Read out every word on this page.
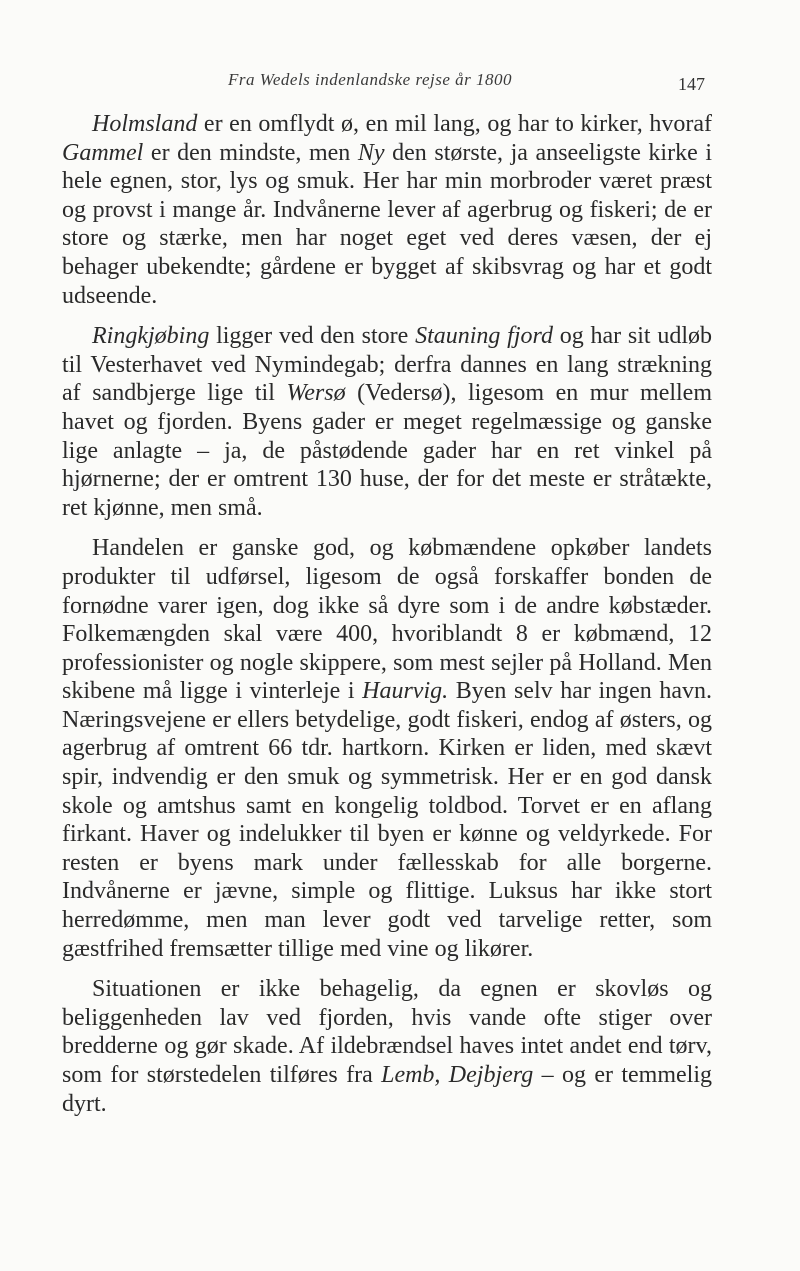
Fra Wedels indenlandske rejse år 1800	147

Holmsland er en omflydt ø, en mil lang, og har to kirker, hvoraf Gammel er den mindste, men Ny den største, ja anseeligste kirke i hele egnen, stor, lys og smuk. Her har min morbroder været præst og provst i mange år. Indvånerne lever af agerbrug og fiskeri; de er store og stærke, men har noget eget ved deres væsen, der ej behager ubekendte; gårdene er bygget af skibsvrag og har et godt udseende.

Ringkjøbing ligger ved den store Stauning fjord og har sit udløb til Vesterhavet ved Nymindegab; derfra dannes en lang strækning af sandbjerge lige til Wersø (Vedersø), ligesom en mur mellem havet og fjorden. Byens gader er meget regelmæssige og ganske lige anlagte – ja, de påstødende gader har en ret vinkel på hjørnerne; der er omtrent 130 huse, der for det meste er stråtækte, ret kjønne, men små.

Handelen er ganske god, og købmændene opkøber landets produkter til udførsel, ligesom de også forskaffer bonden de fornødne varer igen, dog ikke så dyre som i de andre købstæder. Folkemængden skal være 400, hvoriblandt 8 er købmænd, 12 professionister og nogle skippere, som mest sejler på Holland. Men skibene må ligge i vinterleje i Haurvig. Byen selv har ingen havn. Næringsvejene er ellers betydelige, godt fiskeri, endog af østers, og agerbrug af omtrent 66 tdr. hartkorn. Kirken er liden, med skævt spir, indvendig er den smuk og symmetrisk. Her er en god dansk skole og amtshus samt en kongelig toldbod. Torvet er en aflang firkant. Haver og indelukker til byen er kønne og veldyrkede. For resten er byens mark under fællesskab for alle borgerne. Indvånerne er jævne, simple og flittige. Luksus har ikke stort herredømme, men man lever godt ved tarvelige retter, som gæstfrihed fremsætter tillige med vine og likører.

Situationen er ikke behagelig, da egnen er skovløs og beliggenheden lav ved fjorden, hvis vande ofte stiger over bredderne og gør skade. Af ildebrændsel haves intet andet end tørv, som for størstedelen tilføres fra Lemb, Dejbjerg – og er temmelig dyrt.
